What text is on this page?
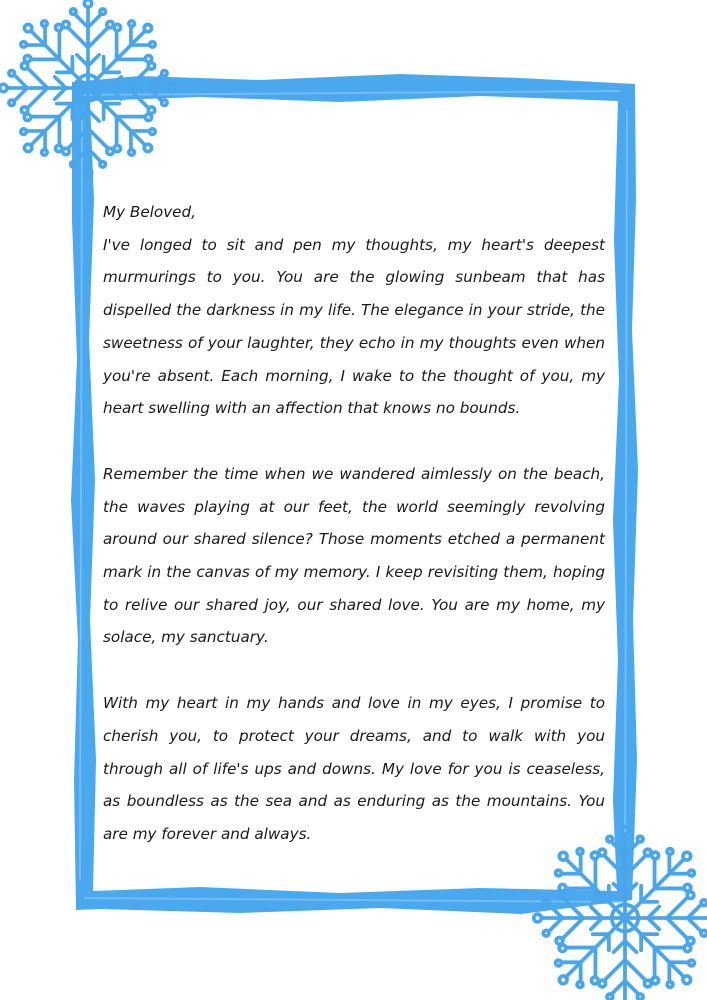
My Beloved,

I've longed to sit and pen my thoughts, my heart's deepest murmurings to you. You are the glowing sunbeam that has dispelled the darkness in my life. The elegance in your stride, the sweetness of your laughter, they echo in my thoughts even when you're absent. Each morning, I wake to the thought of you, my heart swelling with an affection that knows no bounds.

Remember the time when we wandered aimlessly on the beach, the waves playing at our feet, the world seemingly revolving around our shared silence? Those moments etched a permanent mark in the canvas of my memory. I keep revisiting them, hoping to relive our shared joy, our shared love. You are my home, my solace, my sanctuary.

With my heart in my hands and love in my eyes, I promise to cherish you, to protect your dreams, and to walk with you through all of life's ups and downs. My love for you is ceaseless, as boundless as the sea and as enduring as the mountains. You are my forever and always.
